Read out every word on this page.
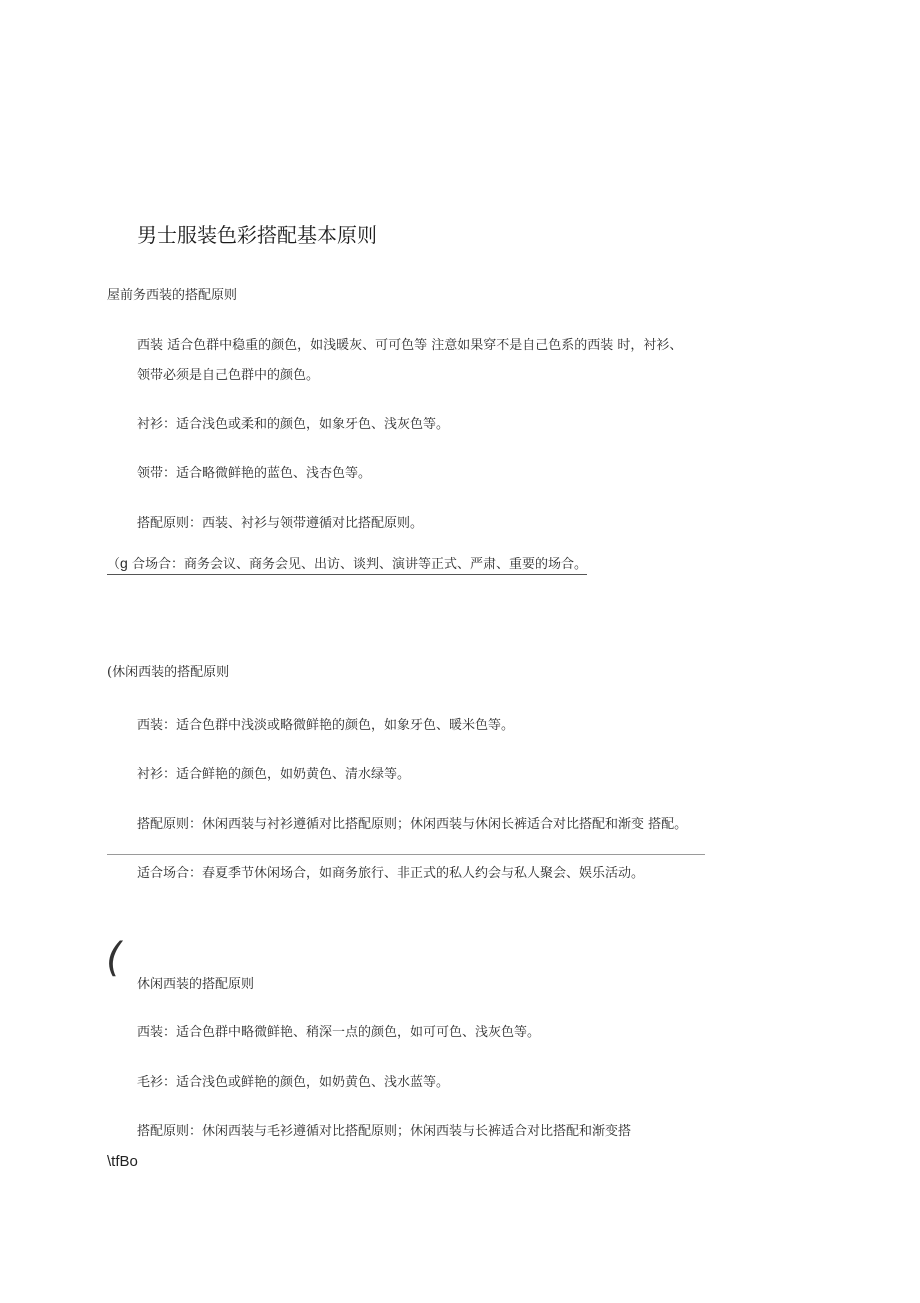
男士服装色彩搭配基本原则
屋前务西装的搭配原则
西装 适合色群中稳重的颜色，如浅暖灰、可可色等 注意如果穿不是自己色系的西装 时，衬衫、
领带必须是自己色群中的颜色。
衬衫：适合浅色或柔和的颜色，如象牙色、浅灰色等。
领带：适合略微鲜艳的蓝色、浅杏色等。
搭配原则：西装、衬衫与领带遵循对比搭配原则。
（g 合场合：商务会议、商务会见、出访、谈判、演讲等正式、严肃、重要的场合。
(休闲西装的搭配原则
西装：适合色群中浅淡或略微鲜艳的颜色，如象牙色、暖米色等。
衬衫：适合鲜艳的颜色，如奶黄色、清水绿等。
搭配原则：休闲西装与衬衫遵循对比搭配原则；休闲西装与休闲长裤适合对比搭配和渐变 搭配。
适合场合：春夏季节休闲场合，如商务旅行、非正式的私人约会与私人聚会、娱乐活动。
(
休闲西装的搭配原则
西装：适合色群中略微鲜艳、稍深一点的颜色，如可可色、浅灰色等。
毛衫：适合浅色或鲜艳的颜色，如奶黄色、浅水蓝等。
搭配原则：休闲西装与毛衫遵循对比搭配原则；休闲西装与长裤适合对比搭配和渐变搭
\tfBo
